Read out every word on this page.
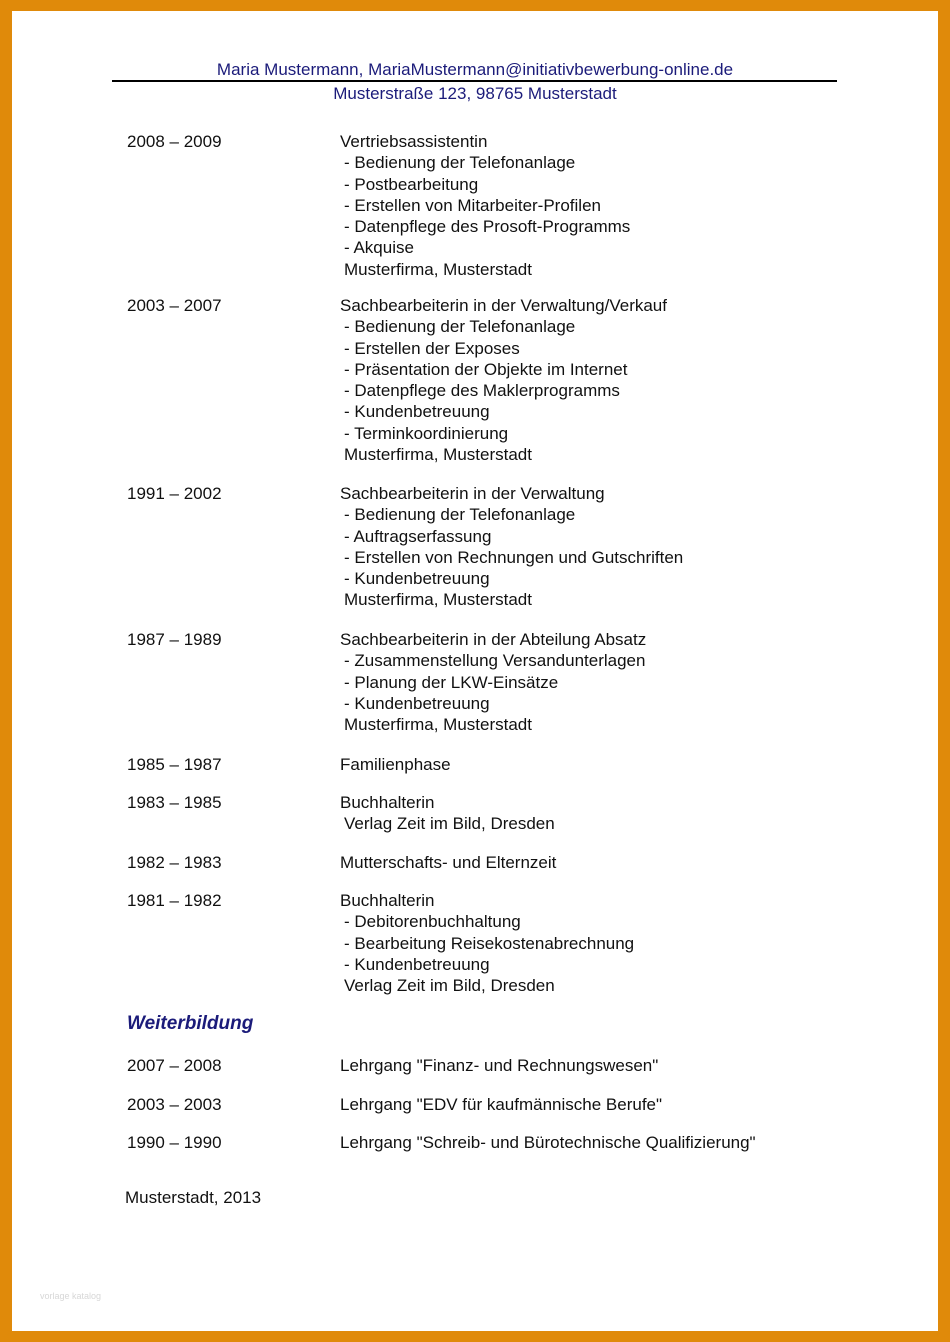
Maria Mustermann, MariaMustermann@initiativbewerbung-online.de
Musterstraße 123, 98765 Musterstadt
2008 – 2009	Vertriebsassistentin
- Bedienung der Telefonanlage
- Postbearbeitung
- Erstellen von Mitarbeiter-Profilen
- Datenpflege des Prosoft-Programms
- Akquise
Musterfirma, Musterstadt
2003 – 2007	Sachbearbeiterin in der Verwaltung/Verkauf
- Bedienung der Telefonanlage
- Erstellen der Exposes
- Präsentation der Objekte im Internet
- Datenpflege des Maklerprogramms
- Kundenbetreuung
- Terminkoordinierung
Musterfirma, Musterstadt
1991 – 2002	Sachbearbeiterin in der Verwaltung
- Bedienung der Telefonanlage
- Auftragserfassung
- Erstellen von Rechnungen und Gutschriften
- Kundenbetreuung
Musterfirma, Musterstadt
1987 – 1989	Sachbearbeiterin in der Abteilung Absatz
- Zusammenstellung Versandunterlagen
- Planung der LKW-Einsätze
- Kundenbetreuung
Musterfirma, Musterstadt
1985 – 1987	Familienphase
1983 – 1985	Buchhalterin
Verlag Zeit im Bild, Dresden
1982 – 1983	Mutterschafts- und Elternzeit
1981 – 1982	Buchhalterin
- Debitorenbuchhaltung
- Bearbeitung Reisekostenabrechnung
- Kundenbetreuung
Verlag Zeit im Bild, Dresden
Weiterbildung
2007 – 2008	Lehrgang "Finanz- und Rechnungswesen"
2003 – 2003	Lehrgang "EDV für kaufmännische Berufe"
1990 – 1990	Lehrgang "Schreib- und Bürotechnische Qualifizierung"
Musterstadt, 2013
vorlage katalog
